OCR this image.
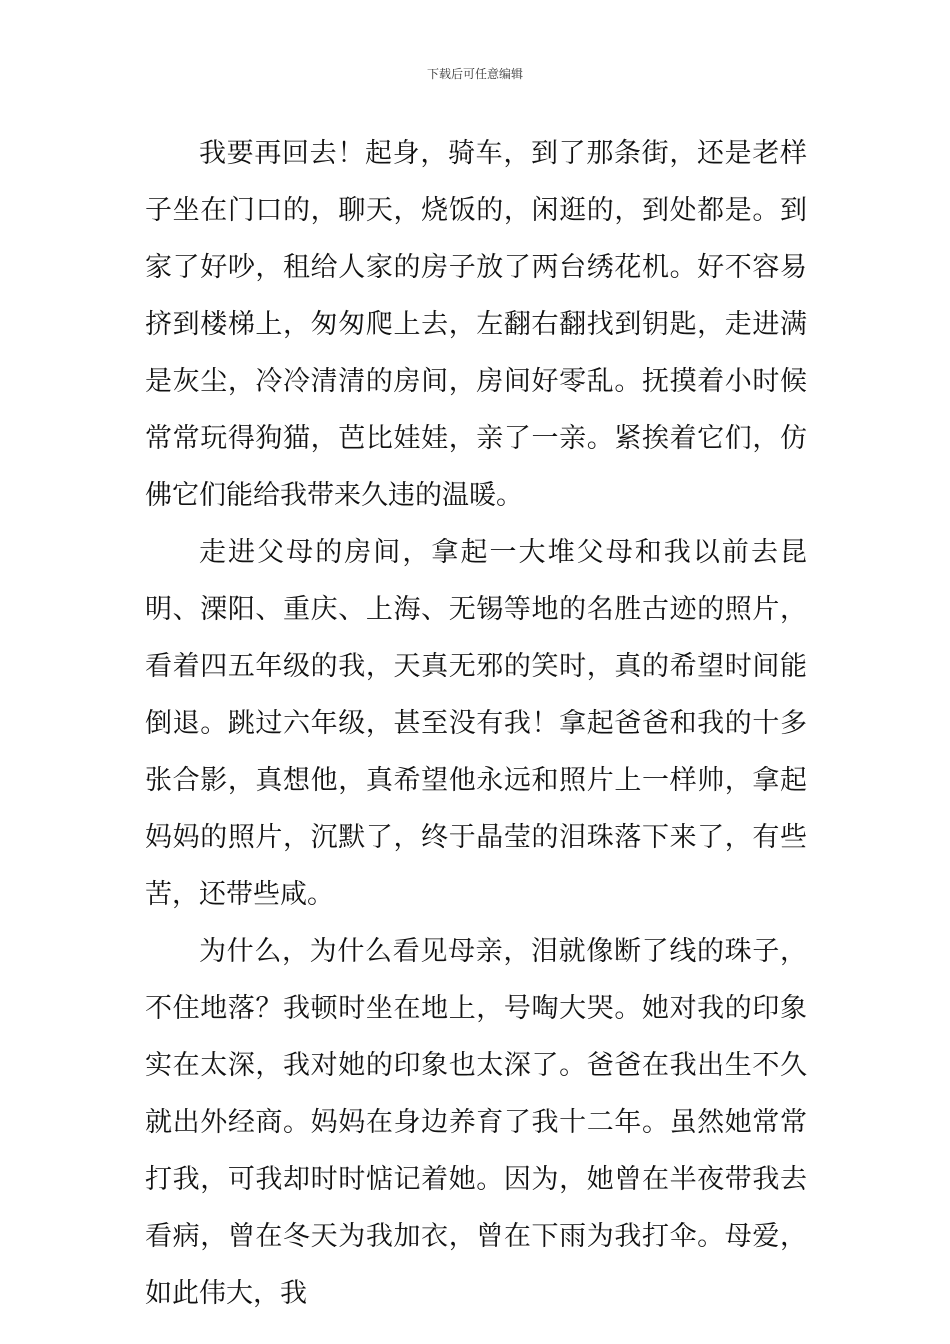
下载后可任意编辑

我要再回去！起身，骑车，到了那条街，还是老样子坐在门口的，聊天，烧饭的，闲逛的，到处都是。到家了好吵，租给人家的房子放了两台绣花机。好不容易挤到楼梯上，匆匆爬上去，左翻右翻找到钥匙，走进满是灰尘，冷冷清清的房间，房间好零乱。抚摸着小时候常常玩得狗猫，芭比娃娃，亲了一亲。紧挨着它们，仿佛它们能给我带来久违的温暖。

走进父母的房间，拿起一大堆父母和我以前去昆明、溧阳、重庆、上海、无锡等地的名胜古迹的照片，看着四五年级的我，天真无邪的笑时，真的希望时间能倒退。跳过六年级，甚至没有我！拿起爸爸和我的十多张合影，真想他，真希望他永远和照片上一样帅，拿起妈妈的照片，沉默了，终于晶莹的泪珠落下来了，有些苦，还带些咸。

为什么，为什么看见母亲，泪就像断了线的珠子，不住地落？我顿时坐在地上，号啕大哭。她对我的印象实在太深，我对她的印象也太深了。爸爸在我出生不久就出外经商。妈妈在身边养育了我十二年。虽然她常常打我，可我却时时惦记着她。因为，她曾在半夜带我去看病，曾在冬天为我加衣，曾在下雨为我打伞。母爱，如此伟大，我
